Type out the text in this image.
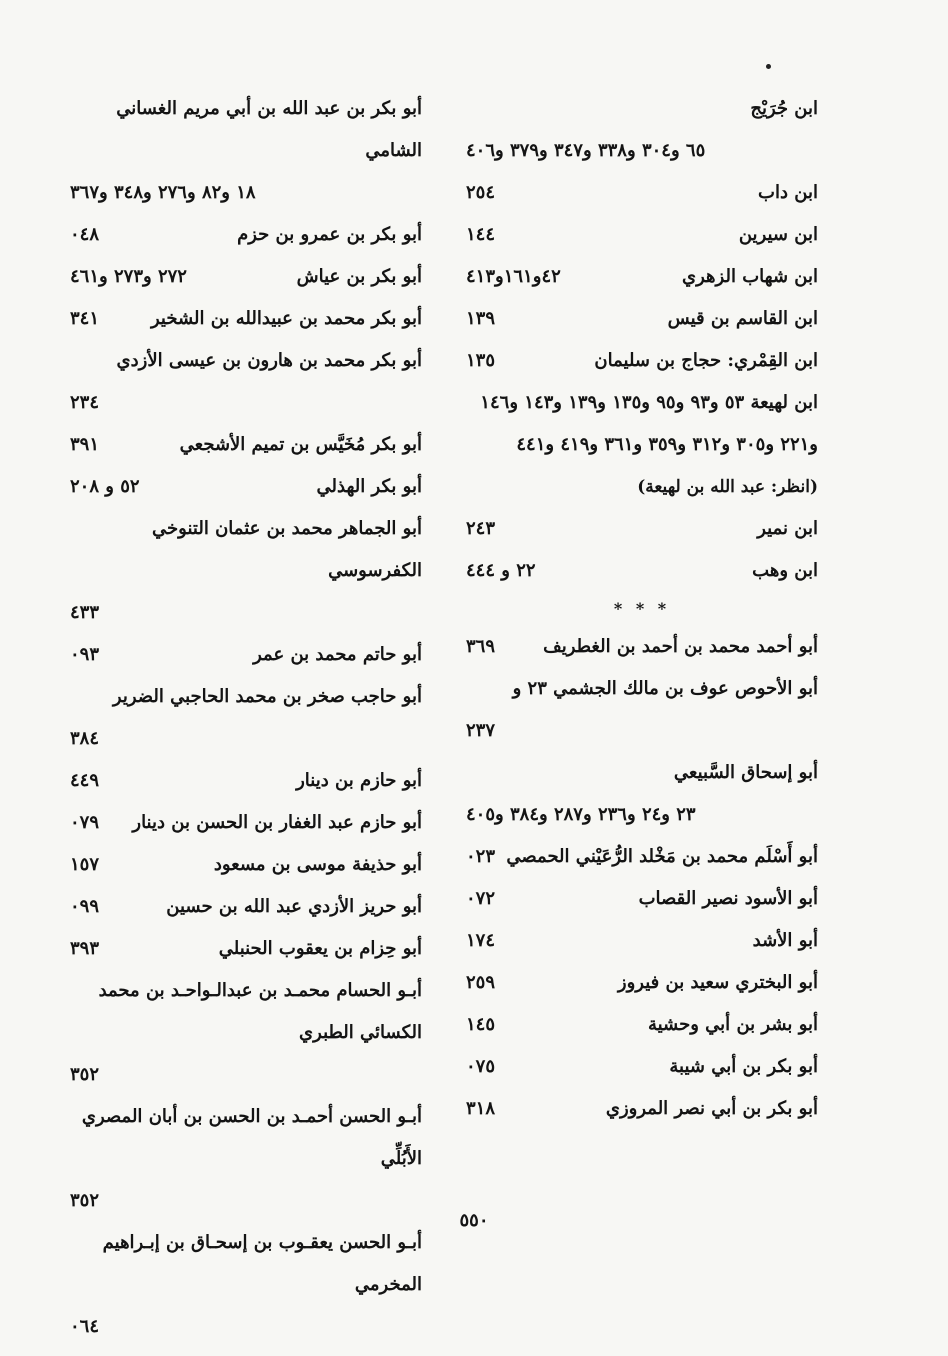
ابن جُرَيْج
٦٥ و٣٠٤ و٣٣٨ و٣٤٧ و٣٧٩ و٤٠٦
ابن داب
٢٥٤
ابن سيرين
١٤٤
ابن شهاب الزهري
٤٢و١٦١و٤١٣
ابن القاسم بن قيس
١٣٩
ابن القِمْري: حجاج بن سليمان
١٣٥
ابن لهيعة ٥٣ و٩٣ و٩٥ و١٣٥ و١٣٩ و١٤٣ و١٤٦ و٢٢١ و٣٠٥ و٣١٢ و٣٥٩ و٣٦١ و٤١٩ و٤٤١
(انظر: عبد الله بن لهيعة)
ابن نمير
٢٤٣
ابن وهب
٢٢ و ٤٤٤
* * *
أبو أحمد محمد بن أحمد بن الغطريف
٣٦٩
أبو الأحوص عوف بن مالك الجشمي ٢٣ و
٢٣٧
أبو إسحاق السَّبيعي
٢٣ و٢٤ و٢٣٦ و٢٨٧ و٣٨٤ و٤٠٥
أبو أَسْلَم محمد بن مَخْلد الرُّعَيْني الحمصي
٠٢٣
أبو الأسود نصير القصاب
٠٧٢
أبو الأشد
١٧٤
أبو البختري سعيد بن فيروز
٢٥٩
أبو بشر بن أبي وحشية
١٤٥
أبو بكر بن أبي شيبة
٠٧٥
أبو بكر بن أبي نصر المروزي
٣١٨
أبو بكر بن عبد الله بن أبي مريم الغساني الشامي
١٨ و٨٢ و٢٧٦ و٣٤٨ و٣٦٧
أبو بكر بن عمرو بن حزم
٠٤٨
أبو بكر بن عياش
٢٧٢ و٢٧٣ و٤٦١
أبو بكر محمد بن عبيدالله بن الشخير
٣٤١
أبو بكر محمد بن هارون بن عيسى الأزدي
٢٣٤
أبو بكر مُخَيَّس بن تميم الأشجعي
٣٩١
أبو بكر الهذلي
٥٢ و ٢٠٨
أبو الجماهر محمد بن عثمان التنوخي الكفرسوسي
٤٣٣
أبو حاتم محمد بن عمر
٠٩٣
أبو حاجب صخر بن محمد الحاجبي الضرير
٣٨٤
أبو حازم بن دينار
٤٤٩
أبو حازم عبد الغفار بن الحسن بن دينار
٠٧٩
أبو حذيفة موسى بن مسعود
١٥٧
أبو حريز الأزدي عبد الله بن حسين
٠٩٩
أبو حِزام بن يعقوب الحنبلي
٣٩٣
أبـو الحسام محمـد بن عبدالـواحـد بن محمد الكسائي الطبري
٣٥٢
أبـو الحسن أحمـد بن الحسن بن أبان المصري الأَبُلِّي
٣٥٢
أبـو الحسن يعقـوب بن إسحـاق بن إبـراهيم المخرمي
٠٦٤
٥٥٠
